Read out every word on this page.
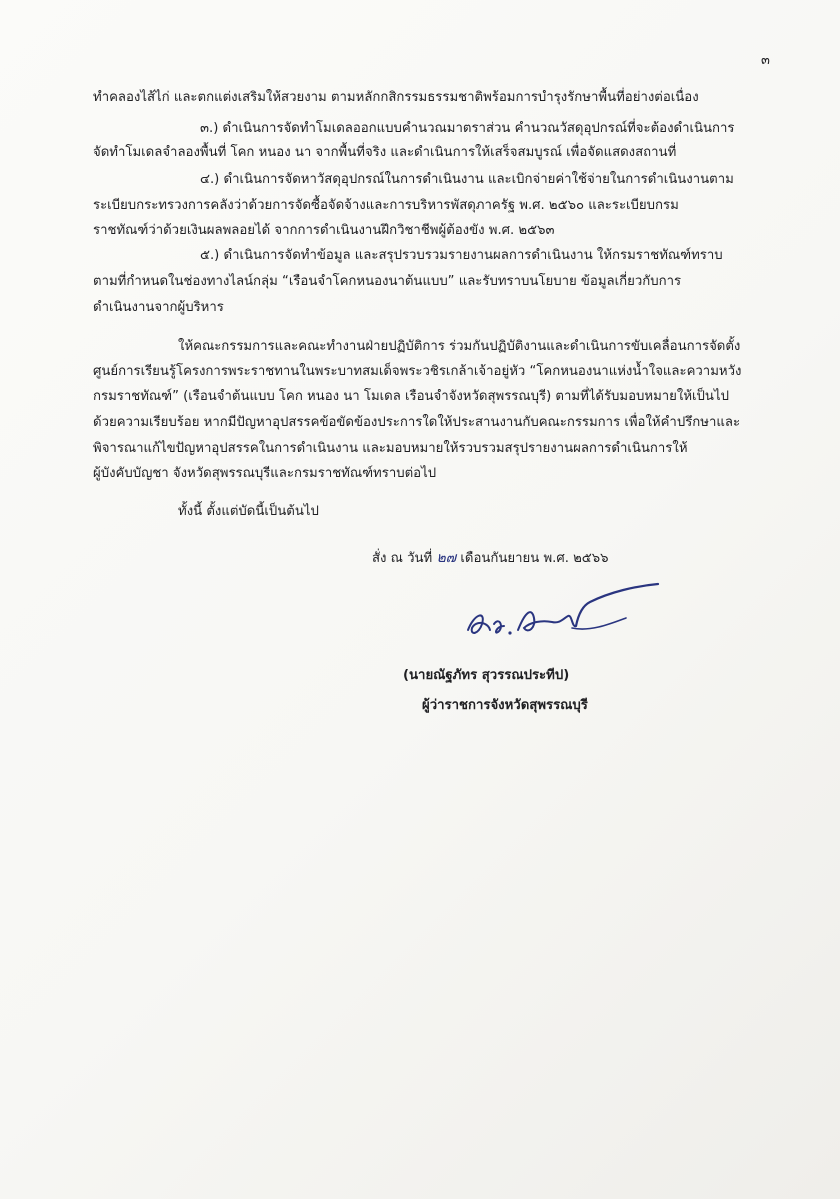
๓

ทำคลองไส้ไก่ และตกแต่งเสริมให้สวยงาม ตามหลักกสิกรรมธรรมชาติพร้อมการบำรุงรักษาพื้นที่อย่างต่อเนื่อง

๓.) ดำเนินการจัดทำโมเดลออกแบบคำนวณมาตราส่วน คำนวณวัสดุอุปกรณ์ที่จะต้องดำเนินการ

จัดทำโมเดลจำลองพื้นที่ โคก หนอง นา จากพื้นที่จริง และดำเนินการให้เสร็จสมบูรณ์ เพื่อจัดแสดงสถานที่

๔.) ดำเนินการจัดหาวัสดุอุปกรณ์ในการดำเนินงาน และเบิกจ่ายค่าใช้จ่ายในการดำเนินงานตาม

ระเบียบกระทรวงการคลังว่าด้วยการจัดซื้อจัดจ้างและการบริหารพัสดุภาครัฐ พ.ศ. ๒๕๖๐ และระเบียบกรม

ราชทัณฑ์ว่าด้วยเงินผลพลอยได้ จากการดำเนินงานฝึกวิชาชีพผู้ต้องขัง พ.ศ. ๒๕๖๓

๕.) ดำเนินการจัดทำข้อมูล และสรุปรวบรวมรายงานผลการดำเนินงาน ให้กรมราชทัณฑ์ทราบ

ตามที่กำหนดในช่องทางไลน์กลุ่ม “เรือนจำโคกหนองนาต้นแบบ” และรับทราบนโยบาย ข้อมูลเกี่ยวกับการ

ดำเนินงานจากผู้บริหาร

ให้คณะกรรมการและคณะทำงานฝ่ายปฏิบัติการ ร่วมกันปฏิบัติงานและดำเนินการขับเคลื่อนการจัดตั้ง

ศูนย์การเรียนรู้โครงการพระราชทานในพระบาทสมเด็จพระวชิรเกล้าเจ้าอยู่หัว “โคกหนองนาแห่งน้ำใจและความหวัง

กรมราชทัณฑ์” (เรือนจำต้นแบบ โคก หนอง นา โมเดล เรือนจำจังหวัดสุพรรณบุรี) ตามที่ได้รับมอบหมายให้เป็นไป

ด้วยความเรียบร้อย หากมีปัญหาอุปสรรคข้อขัดข้องประการใดให้ประสานงานกับคณะกรรมการ เพื่อให้คำปรึกษาและ

พิจารณาแก้ไขปัญหาอุปสรรคในการดำเนินงาน และมอบหมายให้รวบรวมสรุปรายงานผลการดำเนินการให้

ผู้บังคับบัญชา จังหวัดสุพรรณบุรีและกรมราชทัณฑ์ทราบต่อไป

ทั้งนี้ ตั้งแต่บัดนี้เป็นต้นไป

สั่ง ณ วันที่ ๒๗ เดือนกันยายน พ.ศ. ๒๕๖๖
(นายณัฐภัทร สุวรรณประทีป)
ผู้ว่าราชการจังหวัดสุพรรณบุรี
